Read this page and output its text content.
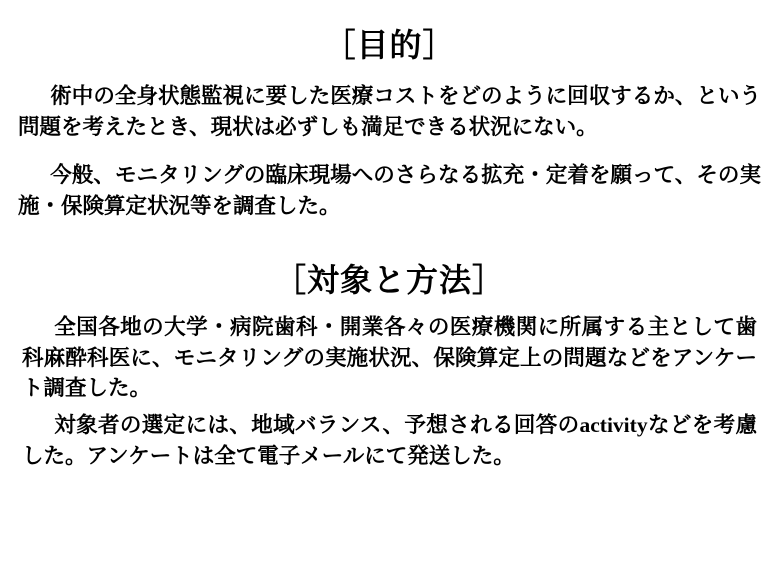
［目的］
術中の全身状態監視に要した医療コストをどのように回収するか、という問題を考えたとき、現状は必ずしも満足できる状況にない。
今般、モニタリングの臨床現場へのさらなる拡充・定着を願って、その実施・保険算定状況等を調査した。
［対象と方法］
全国各地の大学・病院歯科・開業各々の医療機関に所属する主として歯科麻酔科医に、モニタリングの実施状況、保険算定上の問題などをアンケート調査した。
対象者の選定には、地域バランス、予想される回答のactivityなどを考慮した。アンケートは全て電子メールにて発送した。
